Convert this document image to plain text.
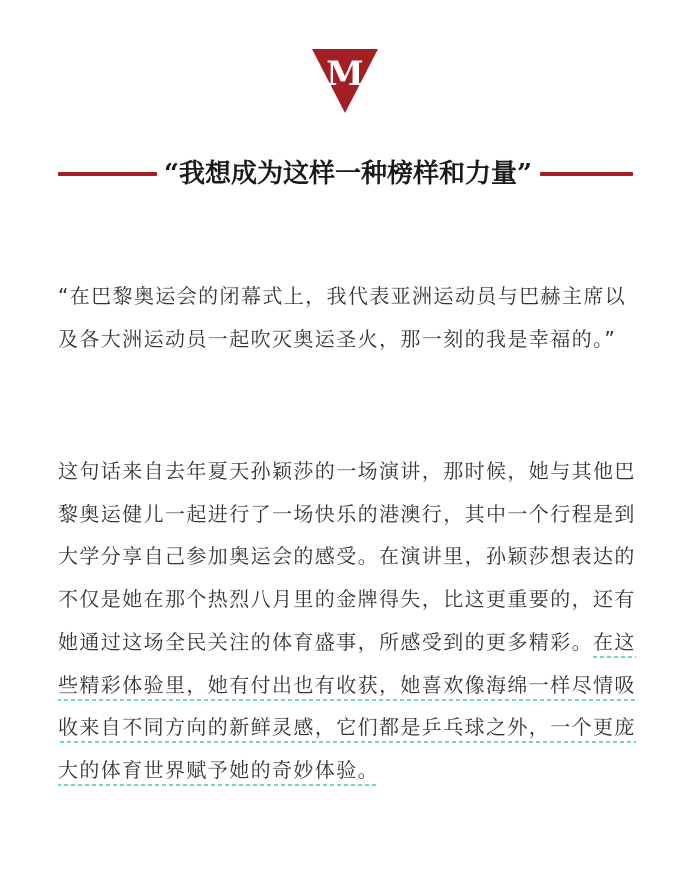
M
“我想成为这样一种榜样和力量”

“在巴黎奥运会的闭幕式上，我代表亚洲运动员与巴赫主席以及各大洲运动员一起吹灭奥运圣火，那一刻的我是幸福的。”

这句话来自去年夏天孙颖莎的一场演讲，那时候，她与其他巴黎奥运健儿一起进行了一场快乐的港澳行，其中一个行程是到大学分享自己参加奥运会的感受。在演讲里，孙颖莎想表达的不仅是她在那个热烈八月里的金牌得失，比这更重要的，还有她通过这场全民关注的体育盛事，所感受到的更多精彩。在这些精彩体验里，她有付出也有收获，她喜欢像海绵一样尽情吸收来自不同方向的新鲜灵感，它们都是乒乓球之外，一个更庞大的体育世界赋予她的奇妙体验。
